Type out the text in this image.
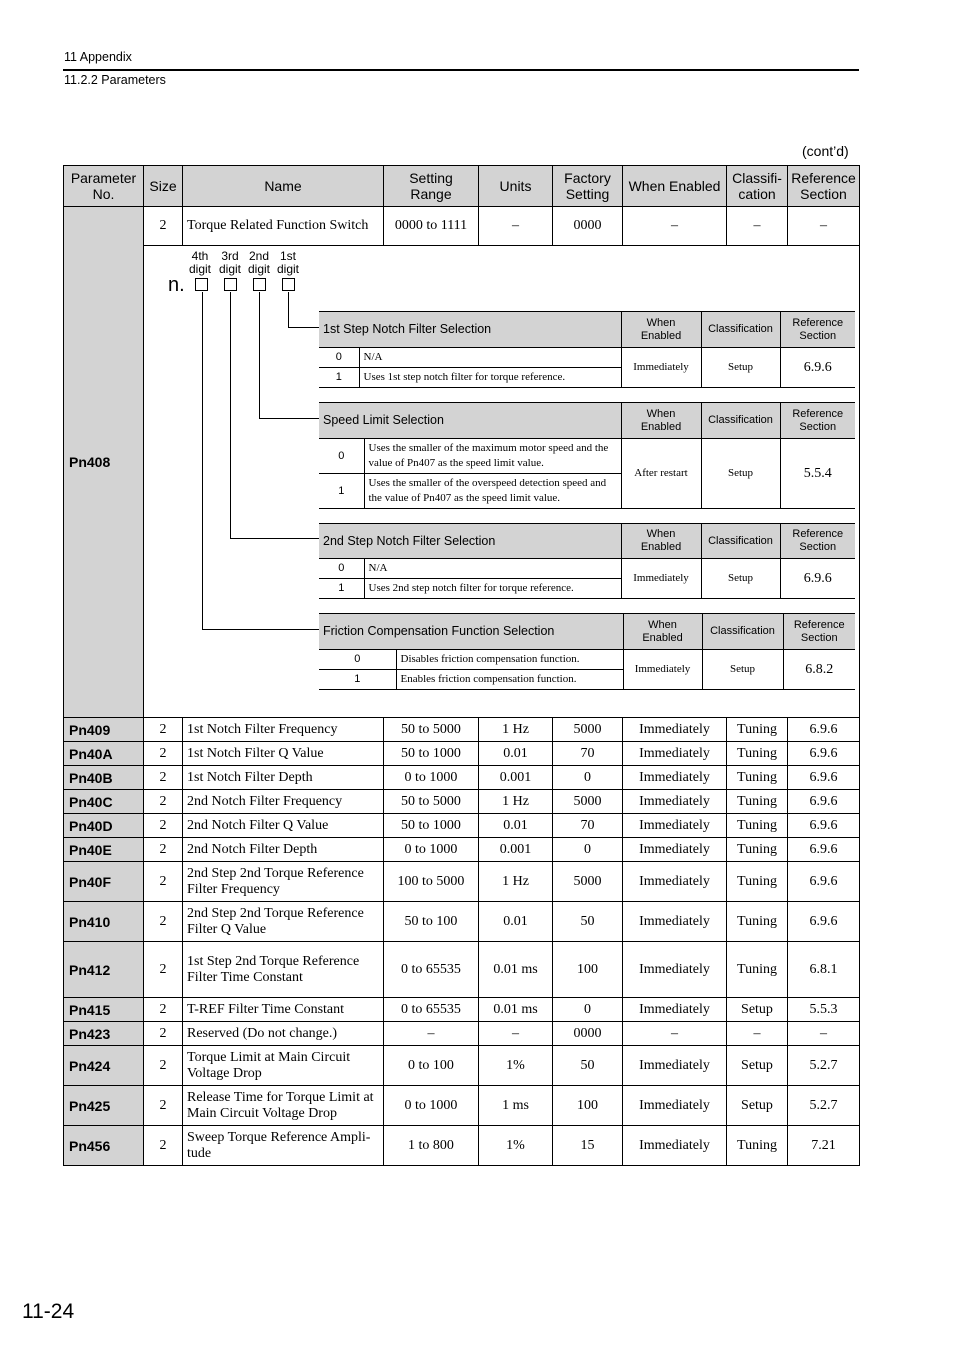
11 Appendix
11.2.2 Parameters
(cont’d)
Parameter No.	Size	Name	Setting Range	Units	Factory Setting	When Enabled	Classifi- cation	Reference Section
Pn408	2	Torque Related Function Switch	0000 to 1111	–	0000	–	–	–

Pn409	2	1st Notch Filter Frequency	50 to 5000	1 Hz	5000	Immediately	Tuning	6.9.6
Pn40A	2	1st Notch Filter Q Value	50 to 1000	0.01	70	Immediately	Tuning	6.9.6
Pn40B	2	1st Notch Filter Depth	0 to 1000	0.001	0	Immediately	Tuning	6.9.6
Pn40C	2	2nd Notch Filter Frequency	50 to 5000	1 Hz	5000	Immediately	Tuning	6.9.6
Pn40D	2	2nd Notch Filter Q Value	50 to 1000	0.01	70	Immediately	Tuning	6.9.6
Pn40E	2	2nd Notch Filter Depth	0 to 1000	0.001	0	Immediately	Tuning	6.9.6
Pn40F	2	2nd Step 2nd Torque Reference Filter Frequency	100 to 5000	1 Hz	5000	Immediately	Tuning	6.9.6
Pn410	2	2nd Step 2nd Torque Reference Filter Q Value	50 to 100	0.01	50	Immediately	Tuning	6.9.6
Pn412	2	1st Step 2nd Torque Reference Filter Time Constant	0 to 65535	0.01 ms	100	Immediately	Tuning	6.8.1
Pn415	2	T-REF Filter Time Constant	0 to 65535	0.01 ms	0	Immediately	Setup	5.5.3
Pn423	2	Reserved (Do not change.)	–	–	0000	–	–	–
Pn424	2	Torque Limit at Main Circuit Voltage Drop	0 to 100	1%	50	Immediately	Setup	5.2.7
Pn425	2	Release Time for Torque Limit at Main Circuit Voltage Drop	0 to 1000	1 ms	100	Immediately	Setup	5.2.7
Pn456	2	Sweep Torque Reference Ampli- tude	1 to 800	1%	15	Immediately	Tuning	7.21
4th digit
3rd digit
2nd digit
1st digit
n.
1st Step Notch Filter Selection		When Enabled	Classification	Reference Section
0	N/A	Immediately	Setup	6.9.6
1	Uses 1st step notch filter for torque reference.			
Speed Limit Selection		When Enabled	Classification	Reference Section
0	Uses the smaller of the maximum motor speed and the value of Pn407 as the speed limit value.	After restart	Setup	5.5.4
1	Uses the smaller of the overspeed detection speed and the value of Pn407 as the speed limit value.			
2nd Step Notch Filter Selection		When Enabled	Classification	Reference Section
0	N/A	Immediately	Setup	6.9.6
1	Uses 2nd step notch filter for torque reference.			
Friction Compensation Function Selection		When Enabled	Classification	Reference Section
0	Disables friction compensation function.	Immediately	Setup	6.8.2
1	Enables friction compensation function.			
11-24
